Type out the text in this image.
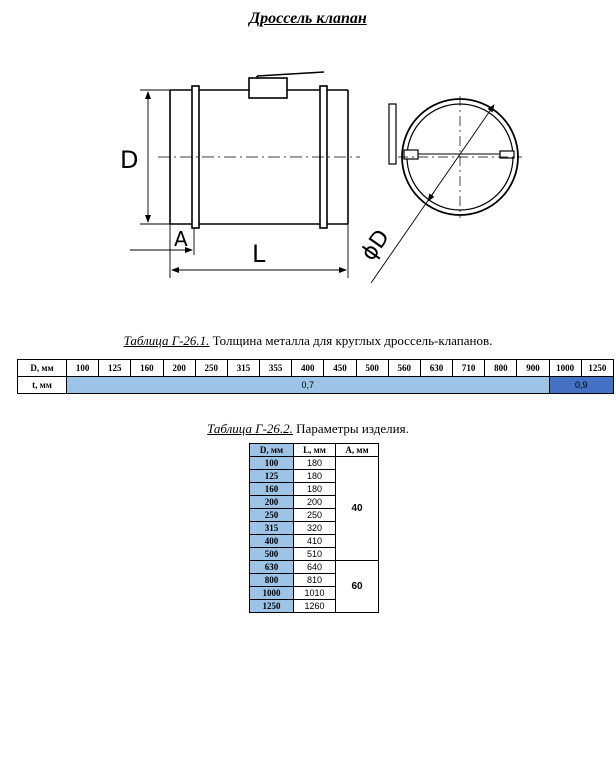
Дроссель клапан
D
A
L	ϕD
Таблица Г-26.1. Толщина металла для круглых дроссель-клапанов.
D, мм	100	125	160	200	250	315	355	400	450	500	560	630	710	800	900	1000	1250
t, мм	0,7															0,9	
Таблица Г-26.2. Параметры изделия.
D, мм	L, мм	A, мм
100	180	40
125	180	
160	180	
200	200	
250	250	
315	320	
400	410	
500	510	
630	640	60
800	810	
1000	1010	
1250	1260	
